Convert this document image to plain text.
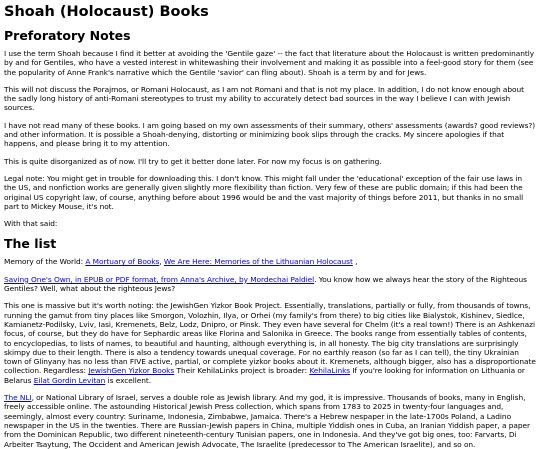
Shoah (Holocaust) Books
Preforatory Notes

I use the term Shoah because I find it better at avoiding the 'Gentile gaze' -- the fact that literature about the Holocaust is written predominantly by and for Gentiles, who have a vested interest in whitewashing their involvement and making it as possible into a feel-good story for them (see the popularity of Anne Frank's narrative which the Gentile 'savior' can fling about). Shoah is a term by and for Jews.

This will not discuss the Porajmos, or Romani Holocaust, as I am not Romani and that is not my place. In addition, I do not know enough about the sadly long history of anti-Romani stereotypes to trust my ability to accurately detect bad sources in the way I believe I can with Jewish sources.

I have not read many of these books. I am going based on my own assessments of their summary, others' assessments (awards? good reviews?) and other information. It is possible a Shoah-denying, distorting or minimizing book slips through the cracks. My sincere apologies if that happens, and please bring it to my attention.

This is quite disorganized as of now. I'll try to get it better done later. For now my focus is on gathering.

Legal note: You might get in trouble for downloading this. I don't know. This might fall under the 'educational' exception of the fair use laws in the US, and nonfiction works are generally given slightly more flexibility than fiction. Very few of these are public domain; if this had been the original US copyright law, of course, anything before about 1996 would be and the vast majority of things before 2011, but thanks in no small part to Mickey Mouse, it's not.

With that said:

The list

Memory of the World: A Mortuary of Books, We Are Here: Memories of the Lithuanian Holocaust ,

Saving One's Own, in EPUB or PDF format, from Anna's Archive, by Mordechai Paldiel. You know how we always hear the story of the Righteous Gentiles? Well, what about the righteous Jews?

This one is massive but it's worth noting: the JewishGen Yizkor Book Project. Essentially, translations, partially or fully, from thousands of towns, running the gamut from tiny places like Smorgon, Volozhin, Ilya, or Orhei (my family's from there) to big cities like Bialystok, Kishinev, Siedlce, Kamianetz-Podilsky, Lviv, Iasi, Kremenets, Belz, Lodz, Dnipro, or Pinsk. They even have several for Chelm (it's a real town!) There is an Ashkenazi focus, of course, but they do have for Sephardic areas like Florina and Salonika in Greece. The books range from essentially tables of contents, to encyclopedias, to lists of names, to beautiful and haunting, although everything is, in all honesty. The big city translations are surprisingly skimpy due to their length. There is also a tendency towards unequal coverage. For no earthly reason (so far as I can tell), the tiny Ukrainian town of Glinyany has no less than FIVE active, partial, or complete yizkor books about it. Kremenets, although bigger, also has a disproportionate collection. Regardless: JewishGen Yizkor Books Their KehilaLinks project is broader: KehilaLinks If you're looking for information on Lithuania or Belarus Eilat Gordin Levitan is excellent.

The NLI, or National Library of Israel, serves a double role as Jewish library. And my god, it is impressive. Thousands of books, many in English, freely accessible online. The astounding Historical Jewish Press collection, which spans from 1783 to 2025 in twenty-four languages and, seemingly, almost every country: Suriname, Indonesia, Zimbabwe, Jamaica. There's a Hebrew nespaper in the late-1700s Poland, a Ladino newspaper in the US in the twenties. There are Russian-Jewish papers in China, multiple Yiddish ones in Cuba, an Iranian Yiddish paper, a paper from the Dominican Republic, two different nineteenth-century Tunisian papers, one in Indonesia. And they've got big ones, too: Farvarts, Di Arbeiter Tsaytung, The Occident and American Jewish Advocate, The Israelite (predecessor to The American Israelite), and so on.
